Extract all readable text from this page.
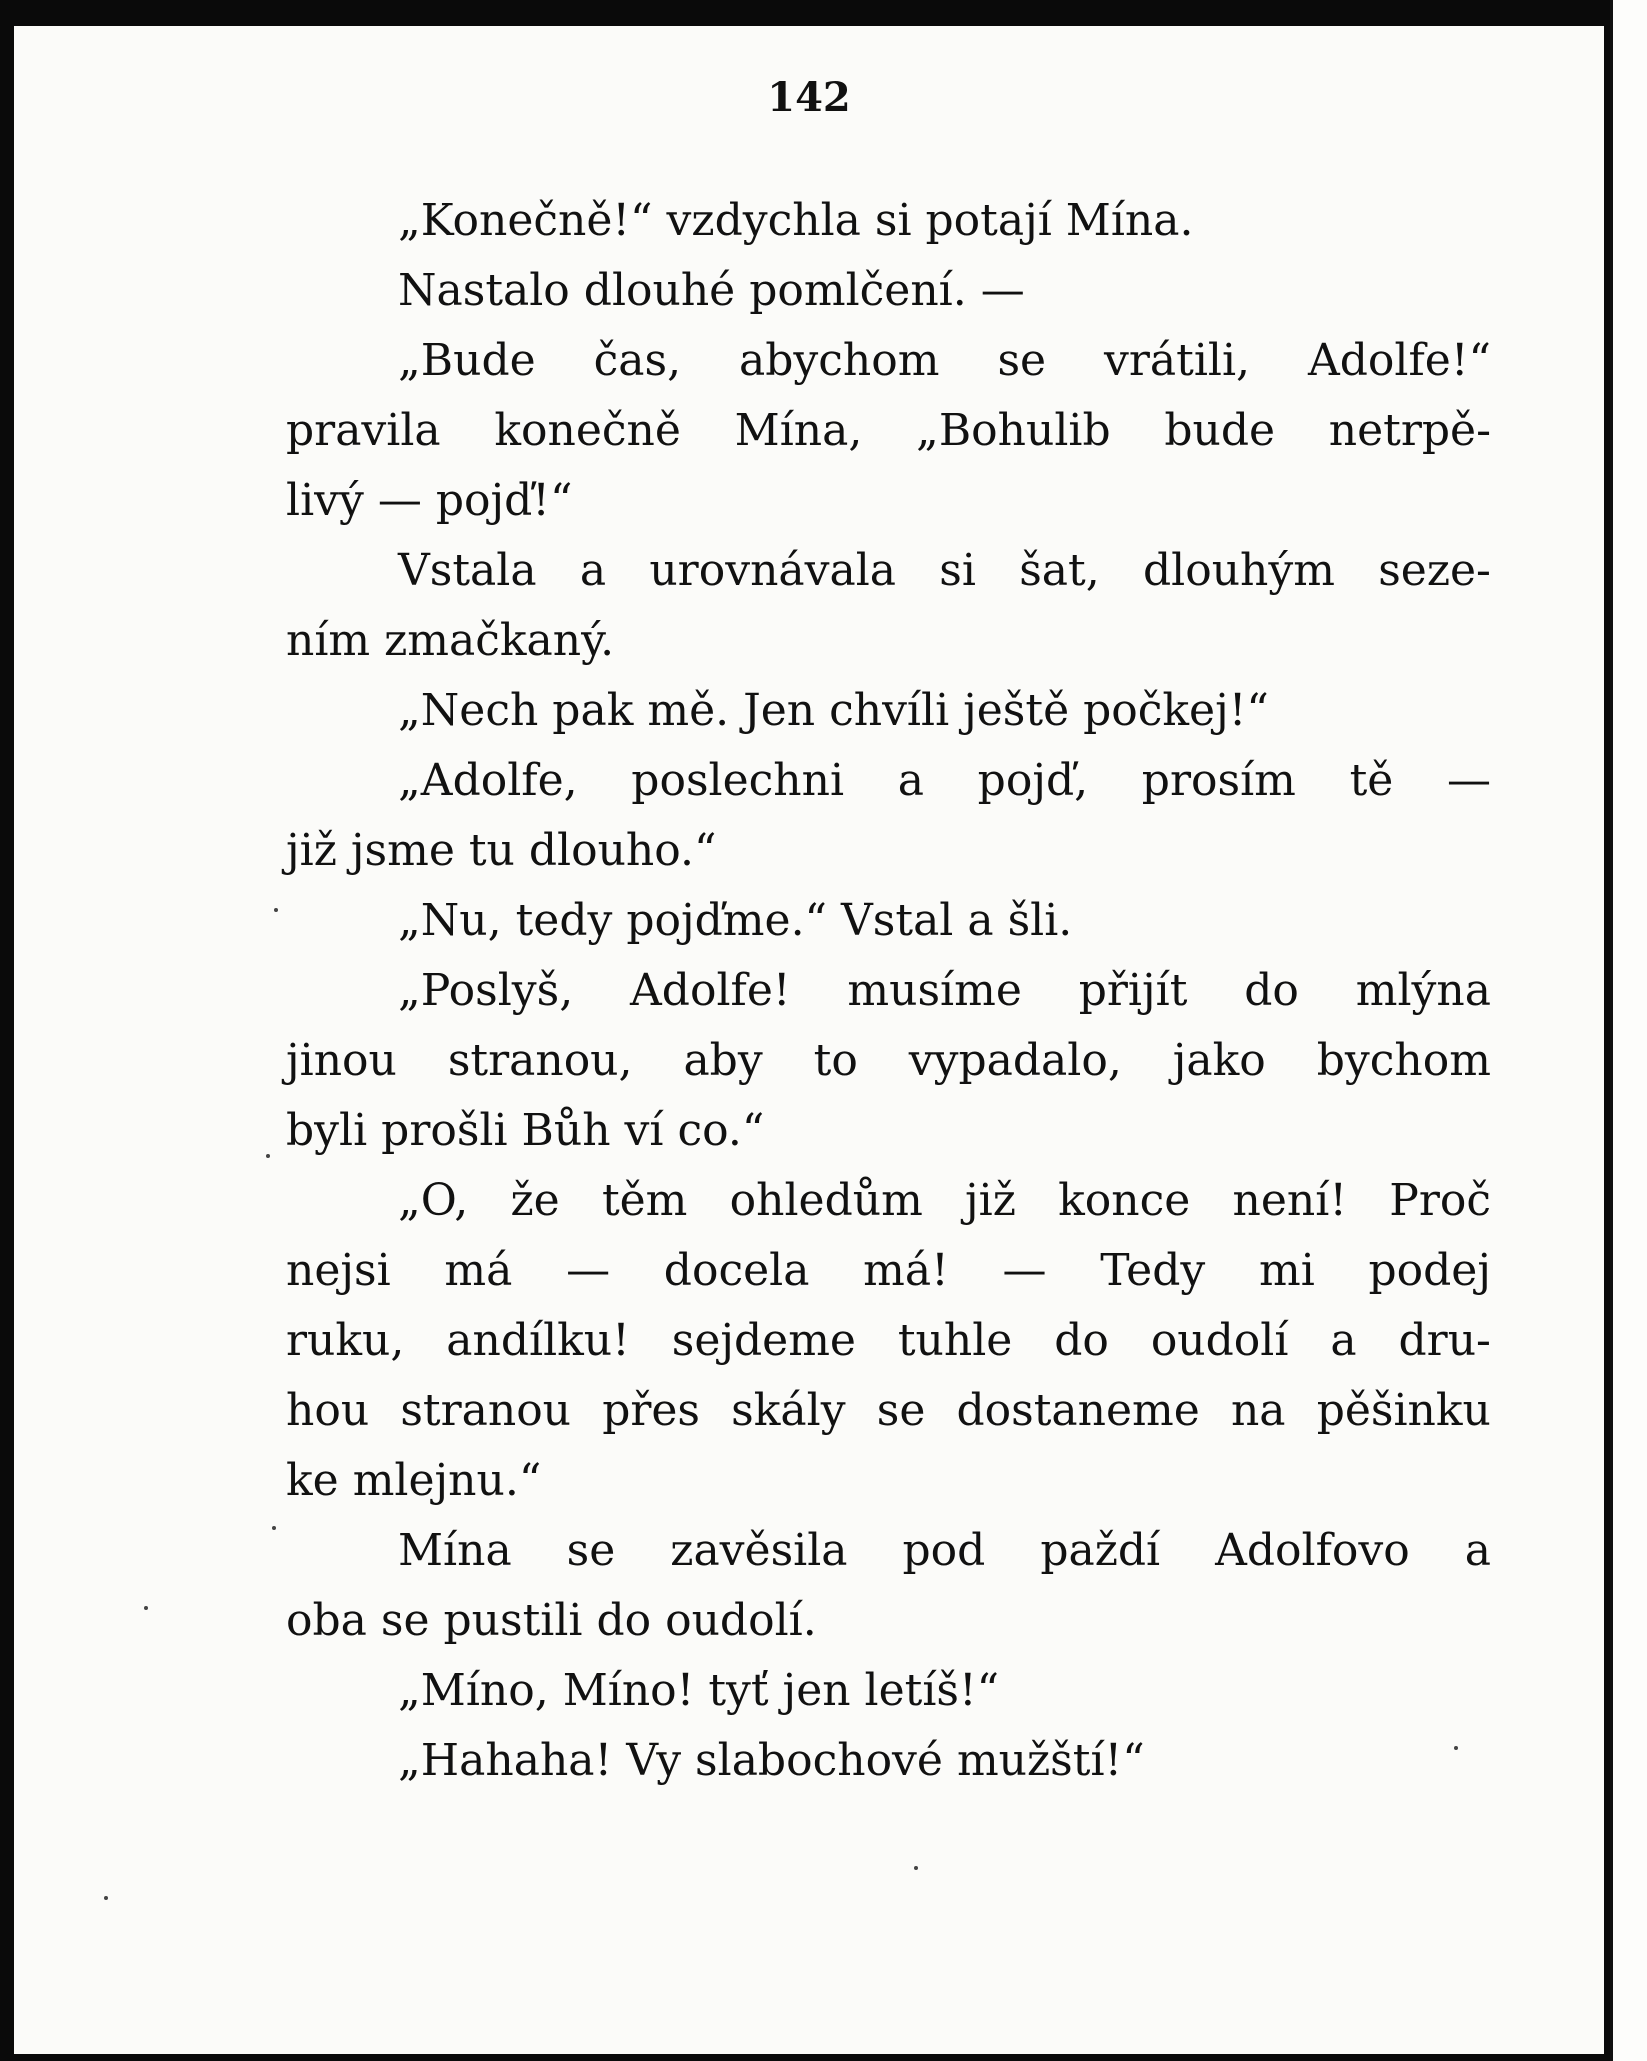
142
„Konečně!“ vzdychla si potají Mína.
Nastalo dlouhé pomlčení. —
„Bude čas, abychom se vrátili, Adolfe!“
pravila konečně Mína, „Bohulib bude netrpě-
livý — pojď!“
Vstala a urovnávala si šat, dlouhým seze-
ním zmačkaný.
„Nech pak mě. Jen chvíli ještě počkej!“
„Adolfe, poslechni a pojď, prosím tě —
již jsme tu dlouho.“
„Nu, tedy pojďme.“ Vstal a šli.
„Poslyš, Adolfe! musíme přijít do mlýna
jinou stranou, aby to vypadalo, jako bychom
byli prošli Bůh ví co.“
„O, že těm ohledům již konce není! Proč
nejsi má — docela má! — Tedy mi podej
ruku, andílku! sejdeme tuhle do oudolí a dru-
hou stranou přes skály se dostaneme na pěšinku
ke mlejnu.“
Mína se zavěsila pod paždí Adolfovo a
oba se pustili do oudolí.
„Míno, Míno! tyť jen letíš!“
„Hahaha! Vy slabochové mužští!“
